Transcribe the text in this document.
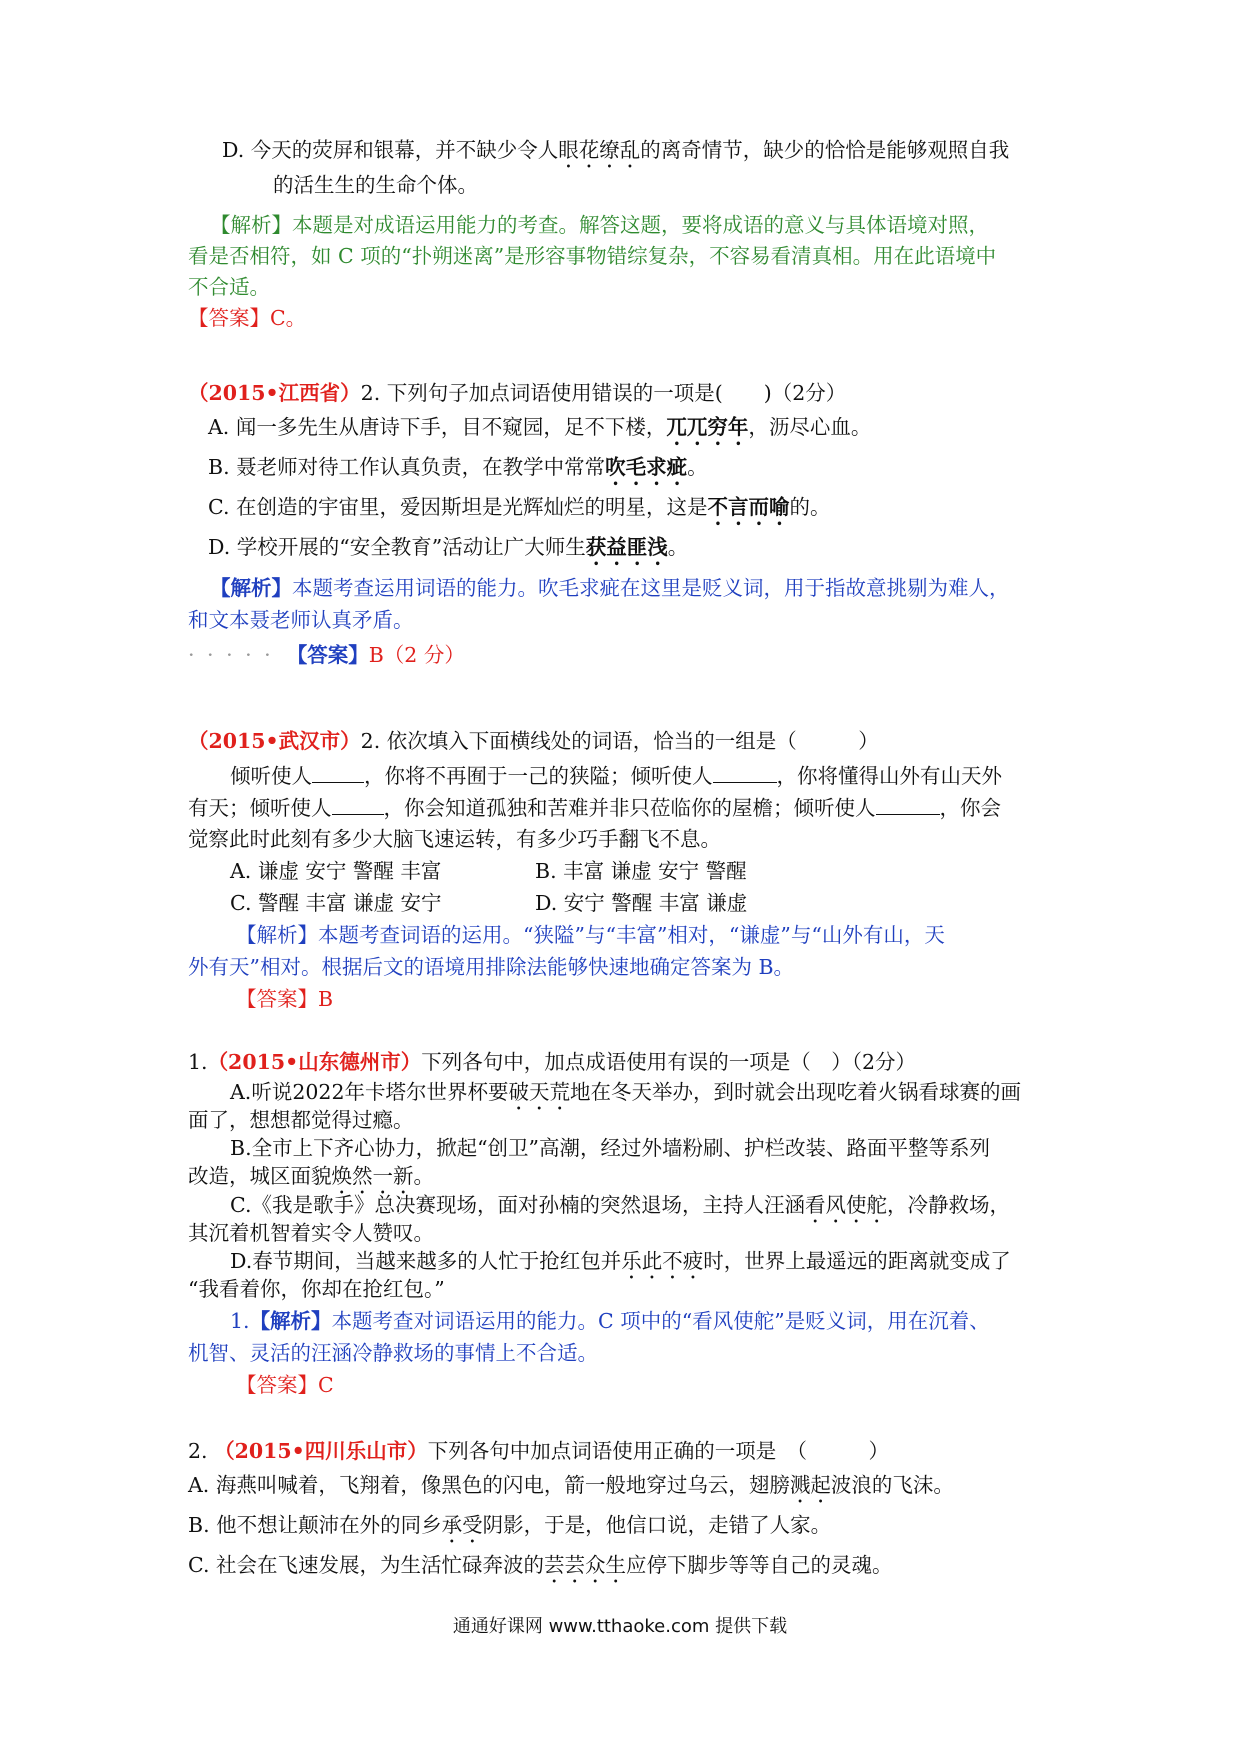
D. 今天的荧屏和银幕，并不缺少令人眼花缭乱的离奇情节，缺少的恰恰是能够观照自我
的活生生的生命个体。
【解析】本题是对成语运用能力的考查。解答这题，要将成语的意义与具体语境对照，
看是否相符，如 C 项的“扑朔迷离”是形容事物错综复杂，不容易看清真相。用在此语境中
不合适。
【答案】C。
（2015•江西省）2. 下列句子加点词语使用错误的一项是(　　)（2分）
A. 闻一多先生从唐诗下手，目不窥园，足不下楼，兀兀穷年，沥尽心血。
B. 聂老师对待工作认真负责，在教学中常常吹毛求疵。
C. 在创造的宇宙里，爱因斯坦是光辉灿烂的明星，这是不言而喻的。
D. 学校开展的“安全教育”活动让广大师生获益匪浅。
【解析】本题考查运用词语的能力。吹毛求疵在这里是贬义词，用于指故意挑剔为难人，
和文本聂老师认真矛盾。
· · · · · 【答案】B（2 分）
（2015•武汉市）2. 依次填入下面横线处的词语，恰当的一组是（　　　）
倾听使人	，你将不再囿于一己的狭隘；倾听使人	，你将懂得山外有山天外
有天；倾听使人	，你会知道孤独和苦难并非只莅临你的屋檐；倾听使人	，你会
觉察此时此刻有多少大脑飞速运转，有多少巧手翻飞不息。
A. 谦虚 安宁 警醒 丰富	B. 丰富 谦虚 安宁 警醒
C. 警醒 丰富 谦虚 安宁	D. 安宁 警醒 丰富 谦虚
【解析】本题考查词语的运用。“狭隘”与“丰富”相对，“谦虚”与“山外有山，天
外有天”相对。根据后文的语境用排除法能够快速地确定答案为 B。
【答案】B
1.（2015•山东德州市）下列各句中，加点成语使用有误的一项是（　）（2分）
A.听说2022年卡塔尔世界杯要破天荒地在冬天举办，到时就会出现吃着火锅看球赛的画
面了，想想都觉得过瘾。
B.全市上下齐心协力，掀起“创卫”高潮，经过外墙粉刷、护栏改装、路面平整等系列
改造，城区面貌焕然一新。
C.《我是歌手》总决赛现场，面对孙楠的突然退场，主持人汪涵看风使舵，冷静救场，
其沉着机智着实令人赞叹。
D.春节期间，当越来越多的人忙于抢红包并乐此不疲时，世界上最遥远的距离就变成了
“我看着你，你却在抢红包。”
1.【解析】本题考查对词语运用的能力。C 项中的“看风使舵”是贬义词，用在沉着、
机智、灵活的汪涵冷静救场的事情上不合适。
【答案】C
2. （2015•四川乐山市）下列各句中加点词语使用正确的一项是　（　　　）
A. 海燕叫喊着，飞翔着，像黑色的闪电，箭一般地穿过乌云，翅膀溅起波浪的飞沫。
B. 他不想让颠沛在外的同乡承受阴影，于是，他信口说，走错了人家。
C. 社会在飞速发展，为生活忙碌奔波的芸芸众生应停下脚步等等自己的灵魂。
通通好课网 www.tthaoke.com 提供下载
